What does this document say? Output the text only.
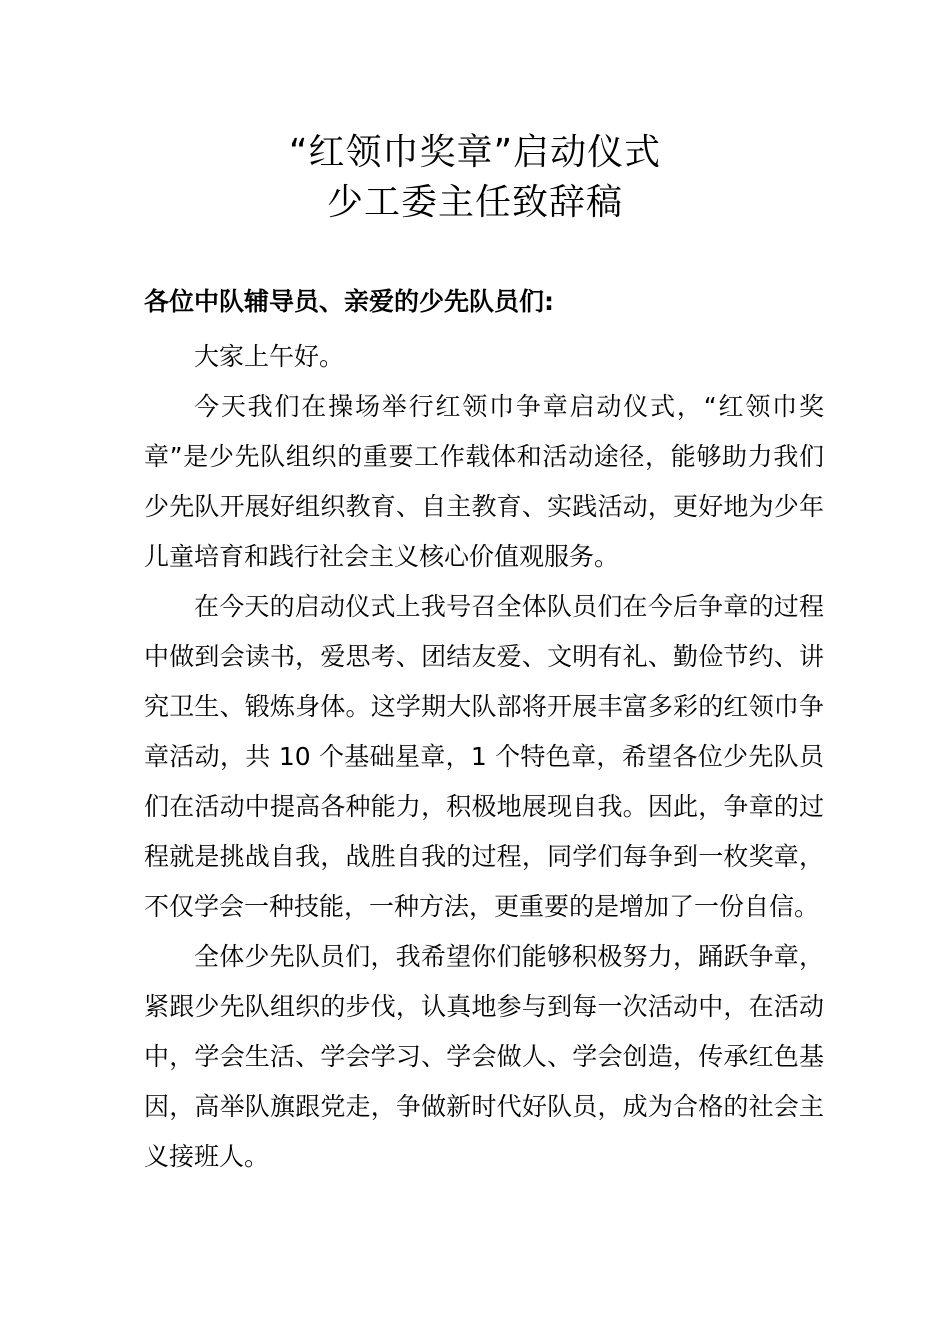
“红领巾奖章”启动仪式

少工委主任致辞稿

各位中队辅导员、亲爱的少先队员们:

大家上午好。

今天我们在操场举行红领巾争章启动仪式，“红领巾奖章”是少先队组织的重要工作载体和活动途径，能够助力我们少先队开展好组织教育、自主教育、实践活动，更好地为少年儿童培育和践行社会主义核心价值观服务。

在今天的启动仪式上我号召全体队员们在今后争章的过程中做到会读书，爱思考、团结友爱、文明有礼、勤俭节约、讲究卫生、锻炼身体。这学期大队部将开展丰富多彩的红领巾争章活动，共 10 个基础星章，1 个特色章，希望各位少先队员们在活动中提高各种能力，积极地展现自我。因此，争章的过程就是挑战自我，战胜自我的过程，同学们每争到一枚奖章，不仅学会一种技能，一种方法，更重要的是增加了一份自信。

全体少先队员们，我希望你们能够积极努力，踊跃争章，紧跟少先队组织的步伐，认真地参与到每一次活动中，在活动中，学会生活、学会学习、学会做人、学会创造，传承红色基因，高举队旗跟党走，争做新时代好队员，成为合格的社会主义接班人。
